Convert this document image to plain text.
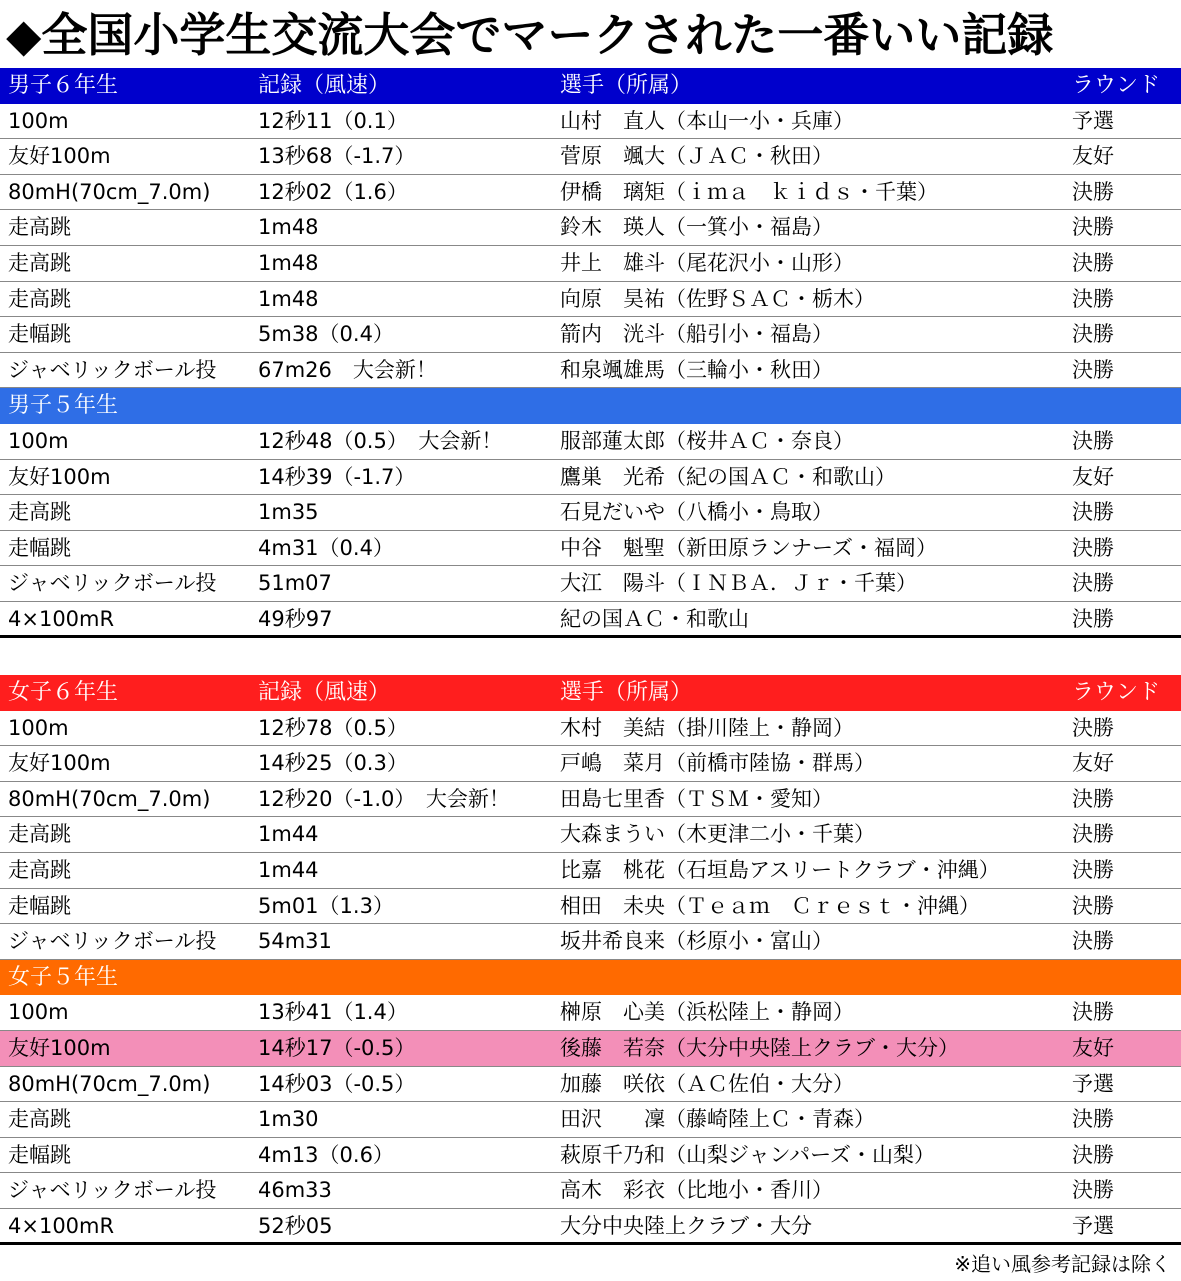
◆全国小学生交流大会でマークされた一番いい記録
男子６年生	記録（風速）	選手（所属）	ラウンド
100m	12秒11（0.1）	山村　直人（本山一小・兵庫）	予選
友好100m	13秒68（-1.7）	菅原　颯大（ＪＡＣ・秋田）	友好
80mH(70cm_7.0m) 12秒02（1.6）	伊橋　璃矩（ｉｍａ　ｋｉｄｓ・千葉）	決勝
走高跳	1m48	鈴木　瑛人（一箕小・福島）	決勝
走高跳	1m48	井上　雄斗（尾花沢小・山形）	決勝
走高跳	1m48	向原　昊祐（佐野ＳＡＣ・栃木）	決勝
走幅跳	5m38（0.4）	箭内　洸斗（船引小・福島）	決勝
ジャベリックボール投 67m26　大会新！	和泉颯雄馬（三輪小・秋田）	決勝
男子５年生
100m	12秒48（0.5）　大会新！	服部蓮太郎（桜井ＡＣ・奈良）	決勝
友好100m	14秒39（-1.7）	鷹巣　光希（紀の国ＡＣ・和歌山）	友好
走高跳	1m35	石見だいや（八橋小・鳥取）	決勝
走幅跳	4m31（0.4）	中谷　魁聖（新田原ランナーズ・福岡）	決勝
ジャベリックボール投 51m07	大江　陽斗（ＩＮＢＡ．Ｊｒ・千葉）	決勝
4×100mR	49秒97	紀の国ＡＣ・和歌山	決勝
女子６年生	記録（風速）	選手（所属）	ラウンド
100m	12秒78（0.5）	木村　美結（掛川陸上・静岡）	決勝
友好100m	14秒25（0.3）	戸嶋　菜月（前橋市陸協・群馬）	友好
80mH(70cm_7.0m) 12秒20（-1.0）　大会新！ 田島七里香（ＴＳＭ・愛知）	決勝
走高跳	1m44	大森まうい（木更津二小・千葉）	決勝
走高跳	1m44	比嘉　桃花（石垣島アスリートクラブ・沖縄）	決勝
走幅跳	5m01（1.3）	相田　未央（Ｔｅａｍ　Ｃｒｅｓｔ・沖縄）	決勝
ジャベリックボール投 54m31	坂井希良来（杉原小・富山）	決勝
女子５年生
100m	13秒41（1.4）	榊原　心美（浜松陸上・静岡）	決勝
友好100m	14秒17（-0.5）	後藤　若奈（大分中央陸上クラブ・大分）	友好
80mH(70cm_7.0m) 14秒03（-0.5）	加藤　咲依（ＡＣ佐伯・大分）	予選
走高跳	1m30	田沢　　凜（藤崎陸上Ｃ・青森）	決勝
走幅跳	4m13（0.6）	萩原千乃和（山梨ジャンパーズ・山梨）	決勝
ジャベリックボール投 46m33	高木　彩衣（比地小・香川）	決勝
4×100mR	52秒05	大分中央陸上クラブ・大分	予選
※追い風参考記録は除く
